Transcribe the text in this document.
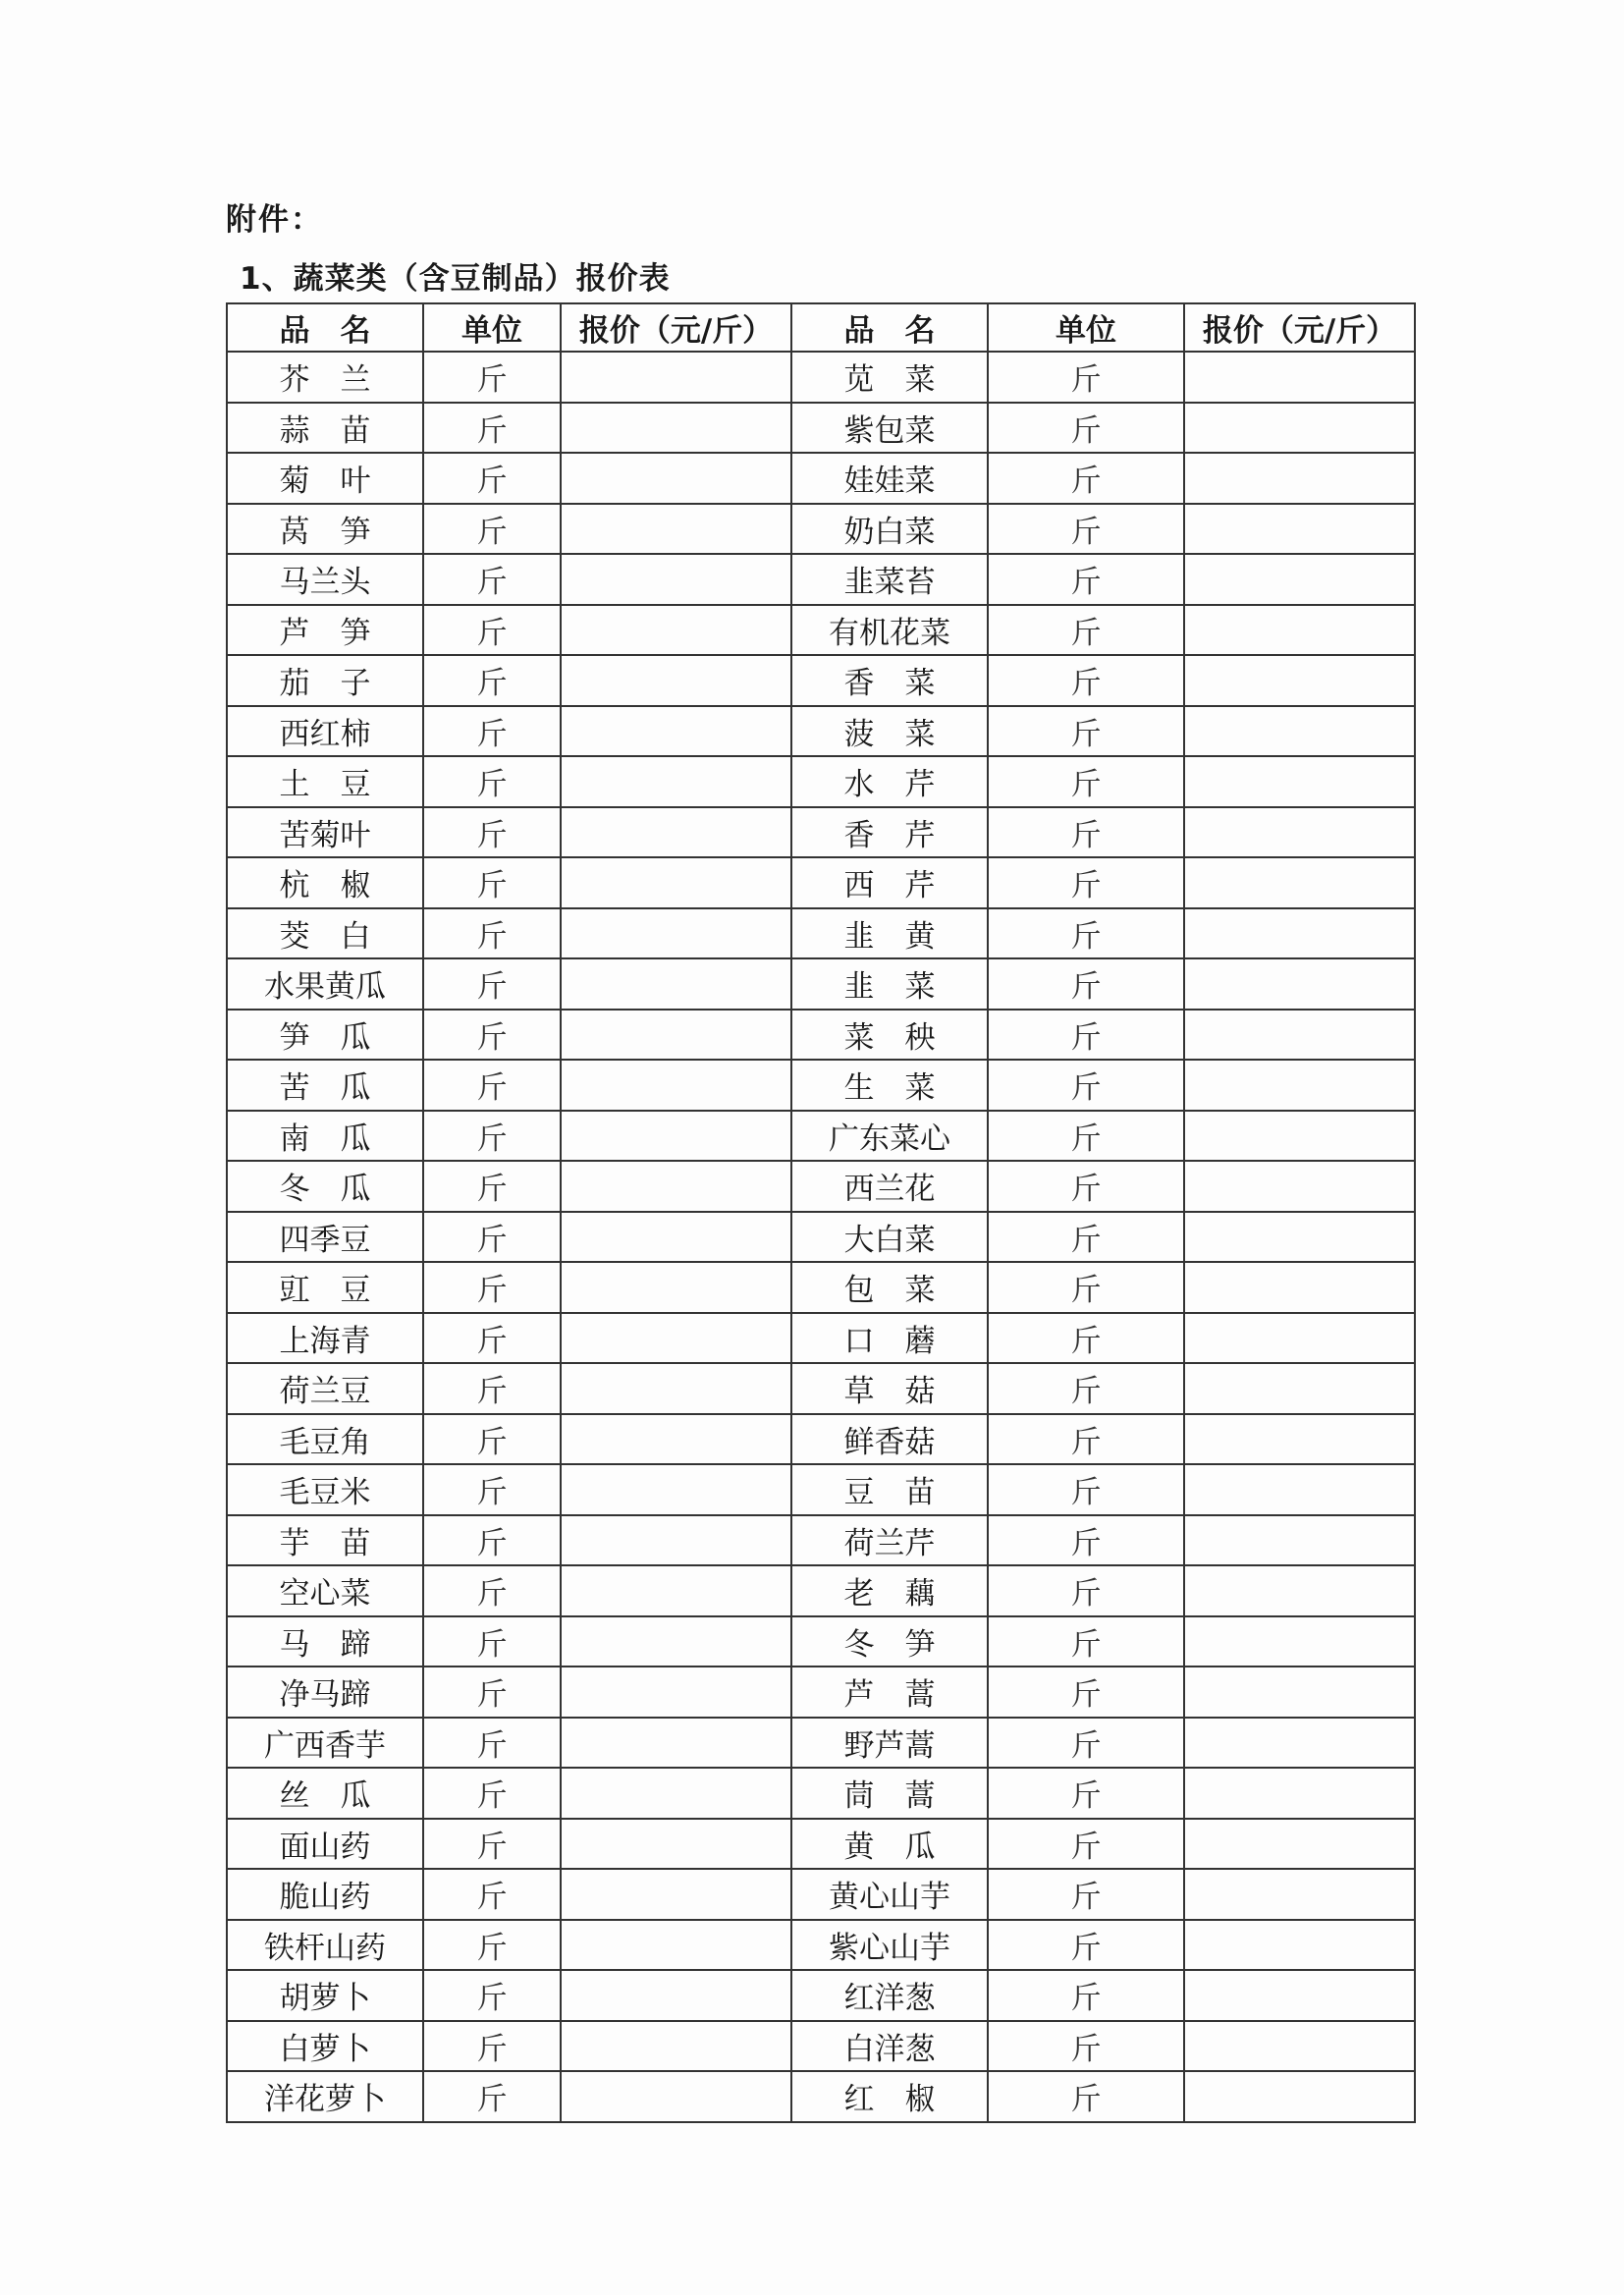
附件：
1、蔬菜类（含豆制品）报价表
品　名	单位	报价（元/斤）	品　名	单位	报价（元/斤）
芥　兰	斤		苋　菜	斤	
蒜　苗	斤		紫包菜	斤	
菊　叶	斤		娃娃菜	斤	
莴　笋	斤		奶白菜	斤	
马兰头	斤		韭菜苔	斤	
芦　笋	斤		有机花菜	斤	
茄　子	斤		香　菜	斤	
西红柿	斤		菠　菜	斤	
土　豆	斤		水　芹	斤	
苦菊叶	斤		香　芹	斤	
杭　椒	斤		西　芹	斤	
茭　白	斤		韭　黄	斤	
水果黄瓜	斤		韭　菜	斤	
笋　瓜	斤		菜　秧	斤	
苦　瓜	斤		生　菜	斤	
南　瓜	斤		广东菜心	斤	
冬　瓜	斤		西兰花	斤	
四季豆	斤		大白菜	斤	
豇　豆	斤		包　菜	斤	
上海青	斤		口　蘑	斤	
荷兰豆	斤		草　菇	斤	
毛豆角	斤		鲜香菇	斤	
毛豆米	斤		豆　苗	斤	
芋　苗	斤		荷兰芹	斤	
空心菜	斤		老　藕	斤	
马　蹄	斤		冬　笋	斤	
净马蹄	斤		芦　蒿	斤	
广西香芋	斤		野芦蒿	斤	
丝　瓜	斤		茼　蒿	斤	
面山药	斤		黄　瓜	斤	
脆山药	斤		黄心山芋	斤	
铁杆山药	斤		紫心山芋	斤	
胡萝卜	斤		红洋葱	斤	
白萝卜	斤		白洋葱	斤	
洋花萝卜	斤		红　椒	斤	
